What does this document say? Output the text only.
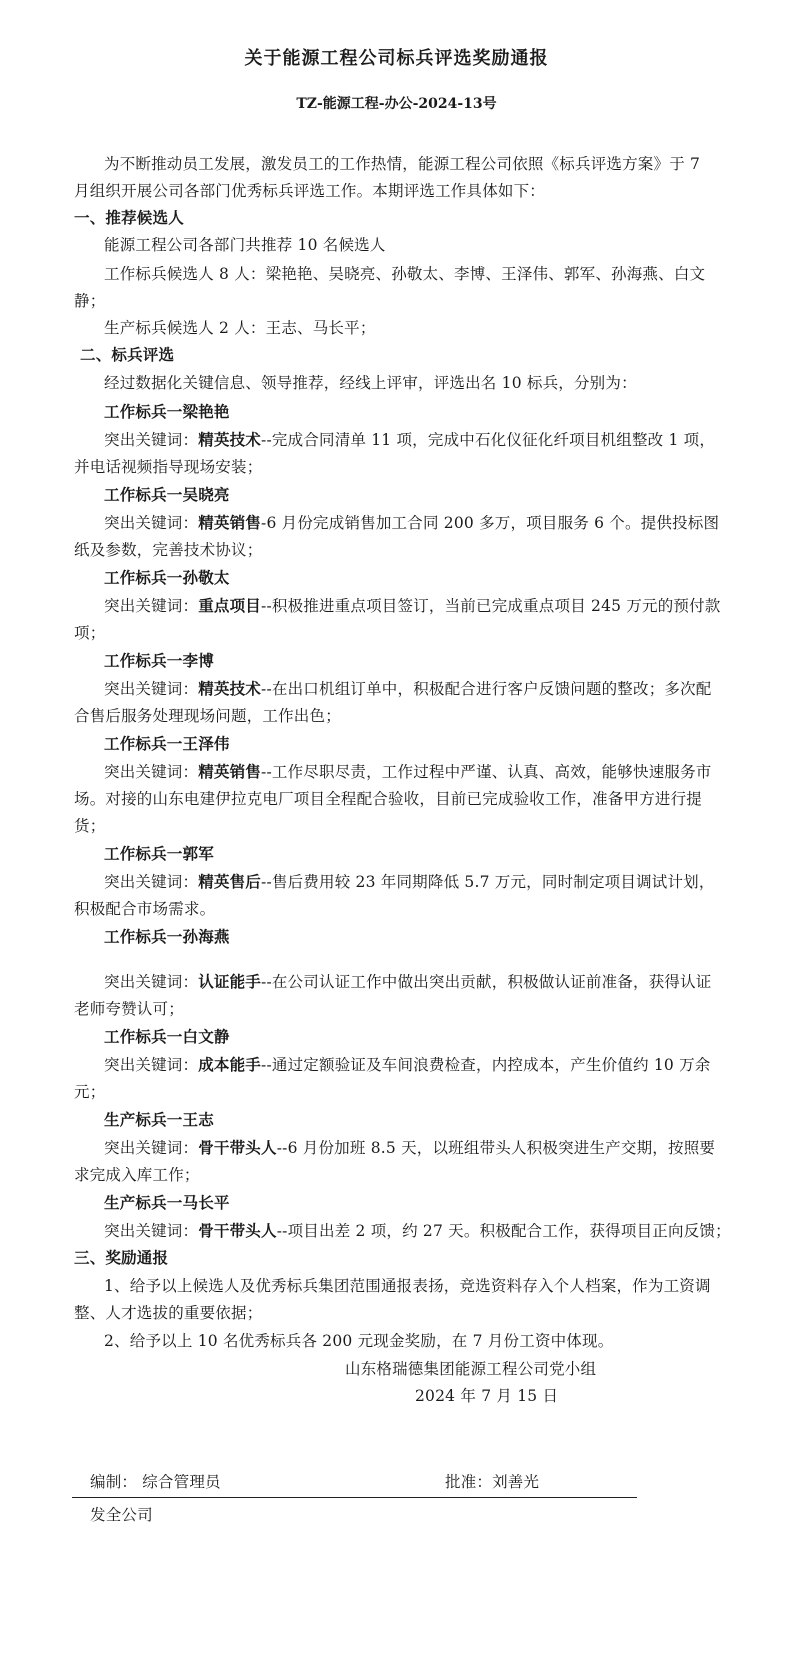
关于能源工程公司标兵评选奖励通报
TZ-能源工程-办公-2024-13号
为不断推动员工发展，激发员工的工作热情，能源工程公司依照《标兵评选方案》于 7
月组织开展公司各部门优秀标兵评选工作。本期评选工作具体如下：
一、推荐候选人
能源工程公司各部门共推荐 10 名候选人
工作标兵候选人 8 人：梁艳艳、吴晓亮、孙敬太、李博、王泽伟、郭军、孙海燕、白文
静；
生产标兵候选人 2 人：王志、马长平；
二、标兵评选
经过数据化关键信息、领导推荐，经线上评审，评选出名 10 标兵，分别为：
工作标兵一梁艳艳
突出关键词：精英技术--完成合同清单 11 项，完成中石化仪征化纤项目机组整改 1 项，
并电话视频指导现场安装；
工作标兵一吴晓亮
突出关键词：精英销售-6 月份完成销售加工合同 200 多万，项目服务 6 个。提供投标图
纸及参数，完善技术协议；
工作标兵一孙敬太
突出关键词：重点项目--积极推进重点项目签订，当前已完成重点项目 245 万元的预付款
项；
工作标兵一李博
突出关键词：精英技术--在出口机组订单中，积极配合进行客户反馈问题的整改；多次配
合售后服务处理现场问题，工作出色；
工作标兵一王泽伟
突出关键词：精英销售--工作尽职尽责，工作过程中严谨、认真、高效，能够快速服务市
场。对接的山东电建伊拉克电厂项目全程配合验收，目前已完成验收工作，准备甲方进行提
货；
工作标兵一郭军
突出关键词：精英售后--售后费用较 23 年同期降低 5.7 万元，同时制定项目调试计划，
积极配合市场需求。
工作标兵一孙海燕
突出关键词：认证能手--在公司认证工作中做出突出贡献，积极做认证前准备，获得认证
老师夸赞认可；
工作标兵一白文静
突出关键词：成本能手--通过定额验证及车间浪费检查，内控成本，产生价值约 10 万余
元；
生产标兵一王志
突出关键词：骨干带头人--6 月份加班 8.5 天，以班组带头人积极突进生产交期，按照要
求完成入库工作；
生产标兵一马长平
突出关键词：骨干带头人--项目出差 2 项，约 27 天。积极配合工作，获得项目正向反馈；
三、奖励通报
1、给予以上候选人及优秀标兵集团范围通报表扬，竞选资料存入个人档案，作为工资调
整、人才选拔的重要依据；
2、给予以上 10 名优秀标兵各 200 元现金奖励，在 7 月份工资中体现。
山东格瑞德集团能源工程公司党小组
2024 年 7 月 15 日
编制： 综合管理员	批准：刘善光
发全公司
